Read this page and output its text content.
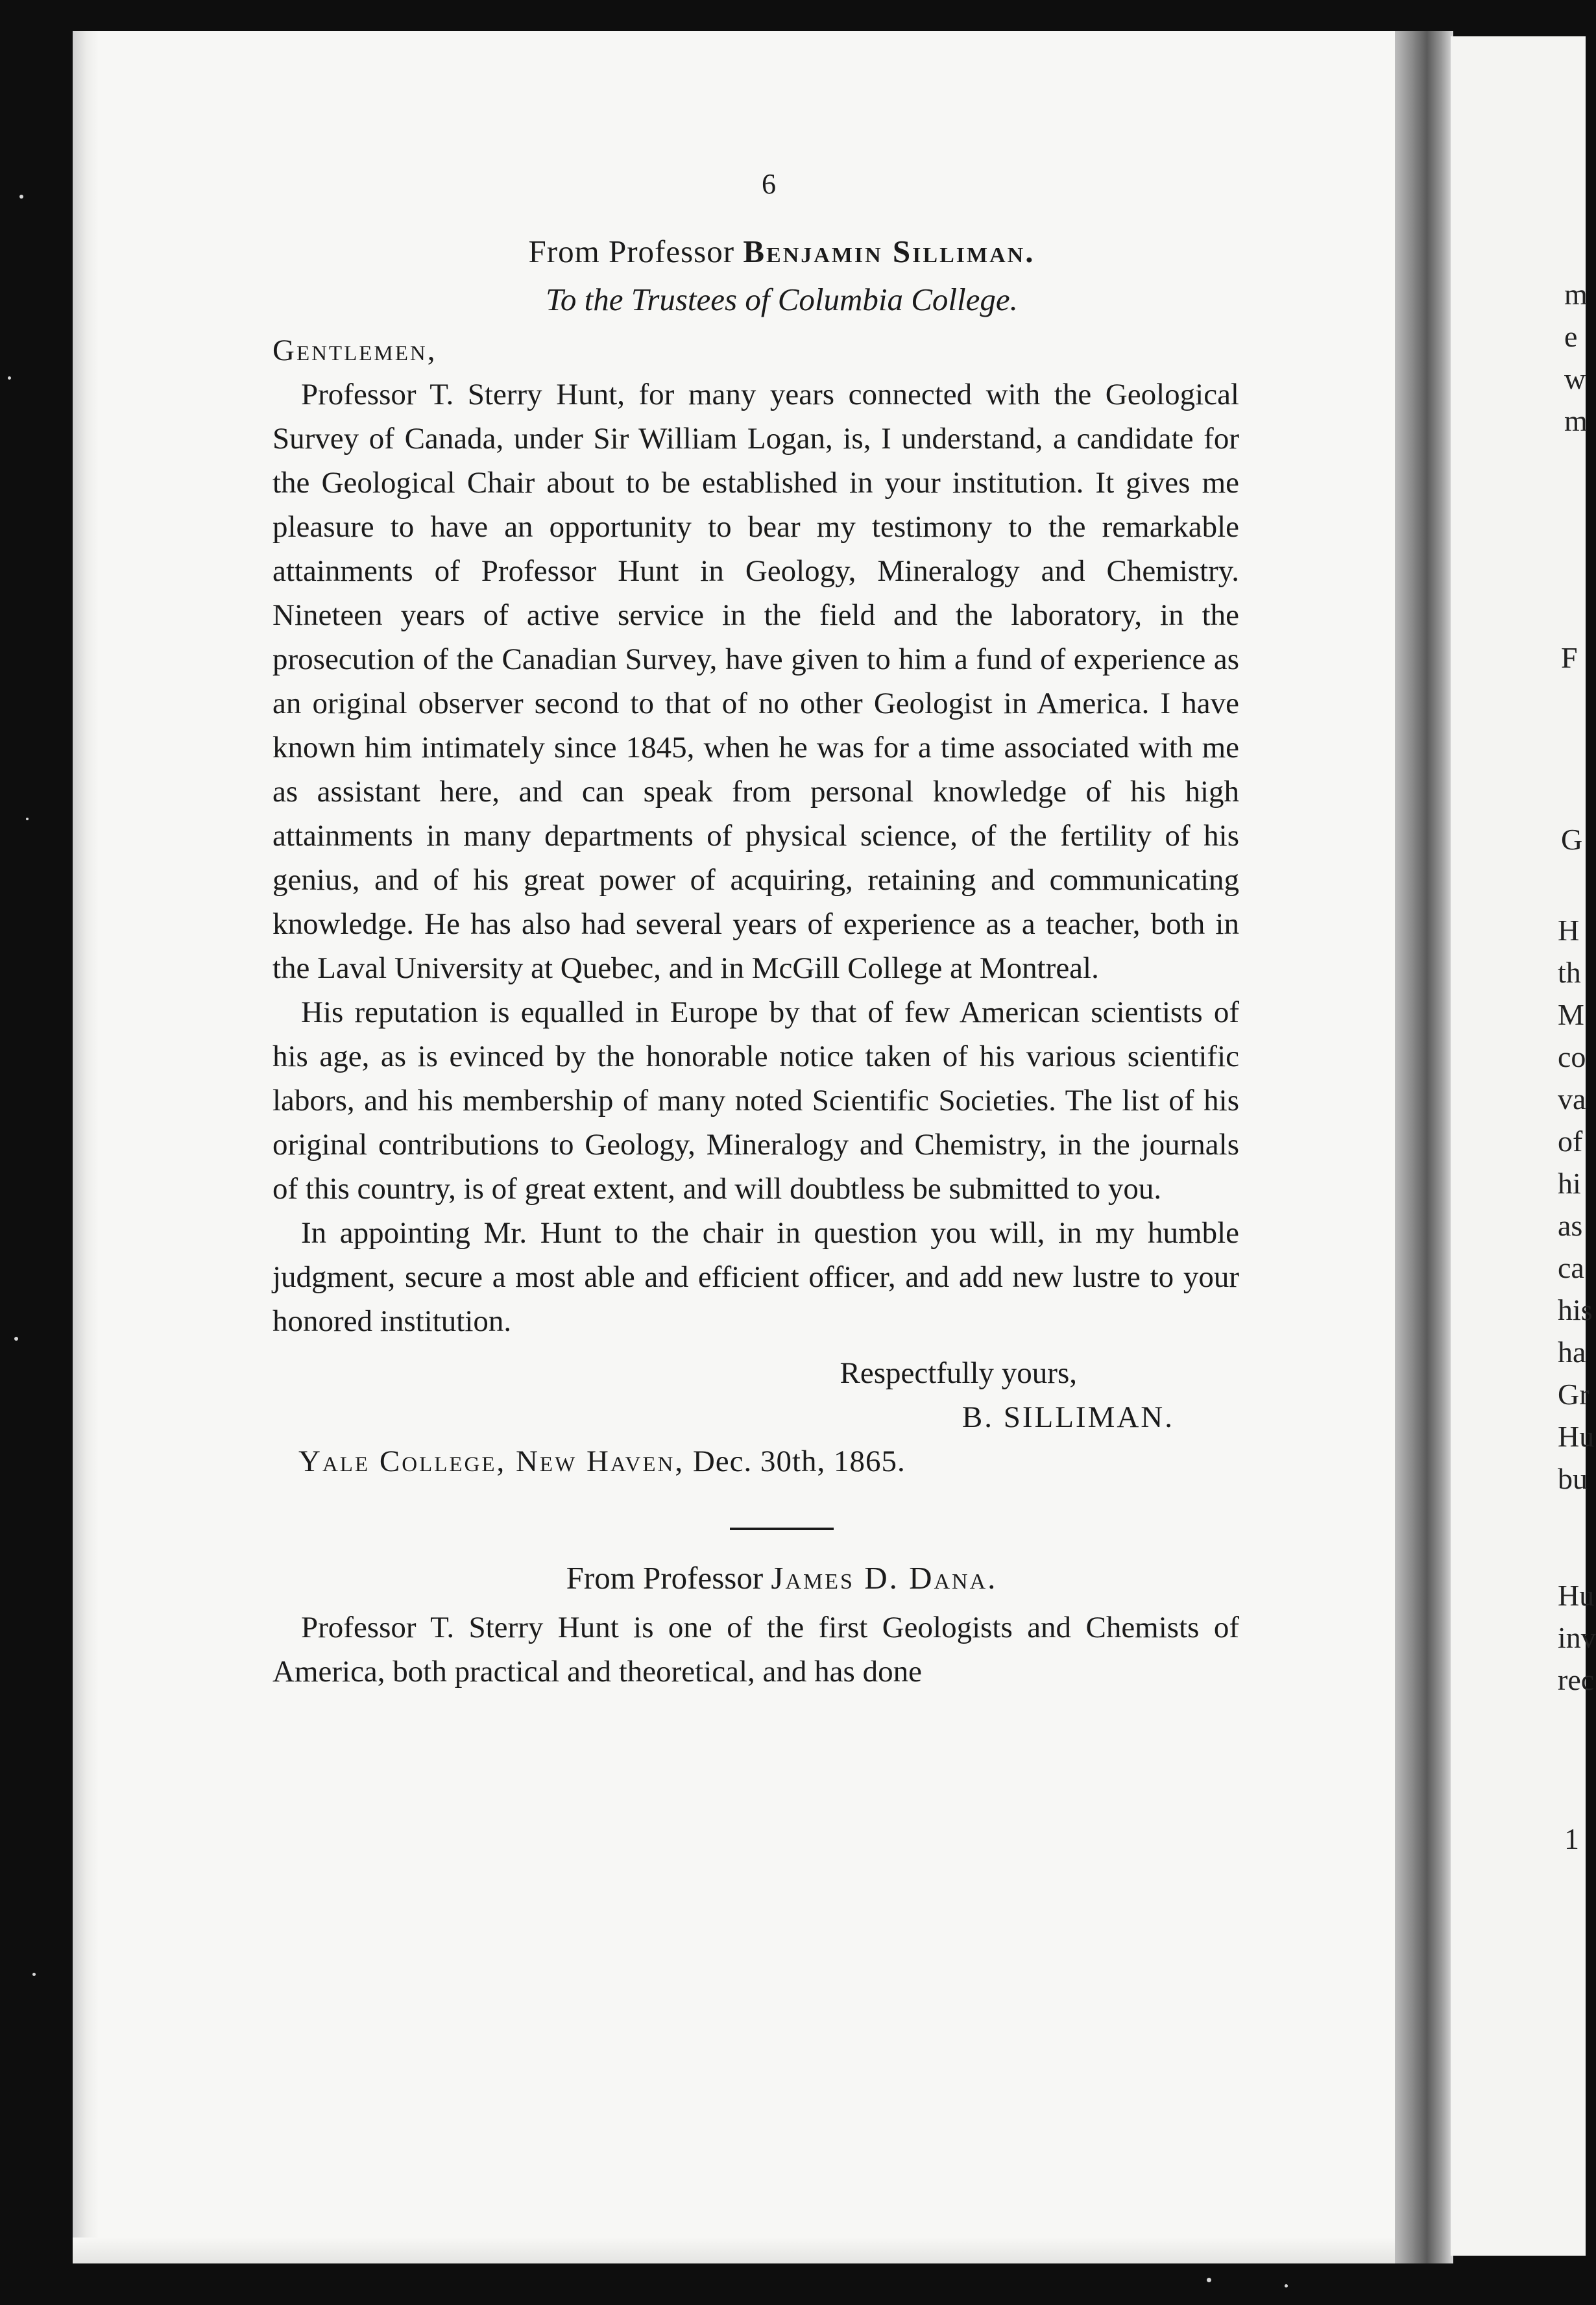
m
e
w
m
F
G
H
th
M
co
va
of
hi
as
ca
his
ha
Gr
Hu
bu
Hu
inv
rec
1
6
From Professor Benjamin Silliman.
To the Trustees of Columbia College.
Gentlemen,

Professor T. Sterry Hunt, for many years connected with the Geological Survey of Canada, under Sir William Logan, is, I understand, a candidate for the Geological Chair about to be established in your institution. It gives me pleasure to have an opportunity to bear my testimony to the remarkable attainments of Professor Hunt in Geology, Mineralogy and Chemistry. Nineteen years of active service in the field and the laboratory, in the prosecution of the Canadian Survey, have given to him a fund of experience as an original observer second to that of no other Geologist in America. I have known him intimately since 1845, when he was for a time associated with me as assistant here, and can speak from personal knowledge of his high attainments in many departments of physical science, of the fertility of his genius, and of his great power of acquiring, retaining and communicating knowledge. He has also had several years of experience as a teacher, both in the Laval University at Quebec, and in McGill College at Montreal.

His reputation is equalled in Europe by that of few American scientists of his age, as is evinced by the honorable notice taken of his various scientific labors, and his membership of many noted Scientific Societies. The list of his original contributions to Geology, Mineralogy and Chemistry, in the journals of this country, is of great extent, and will doubtless be submitted to you.

In appointing Mr. Hunt to the chair in question you will, in my humble judgment, secure a most able and efficient officer, and add new lustre to your honored institution.

Respectfully yours,
B. SILLIMAN.
Yale College, New Haven, Dec. 30th, 1865.
From Professor James D. Dana.

Professor T. Sterry Hunt is one of the first Geologists and Chemists of America, both practical and theoretical, and has done
